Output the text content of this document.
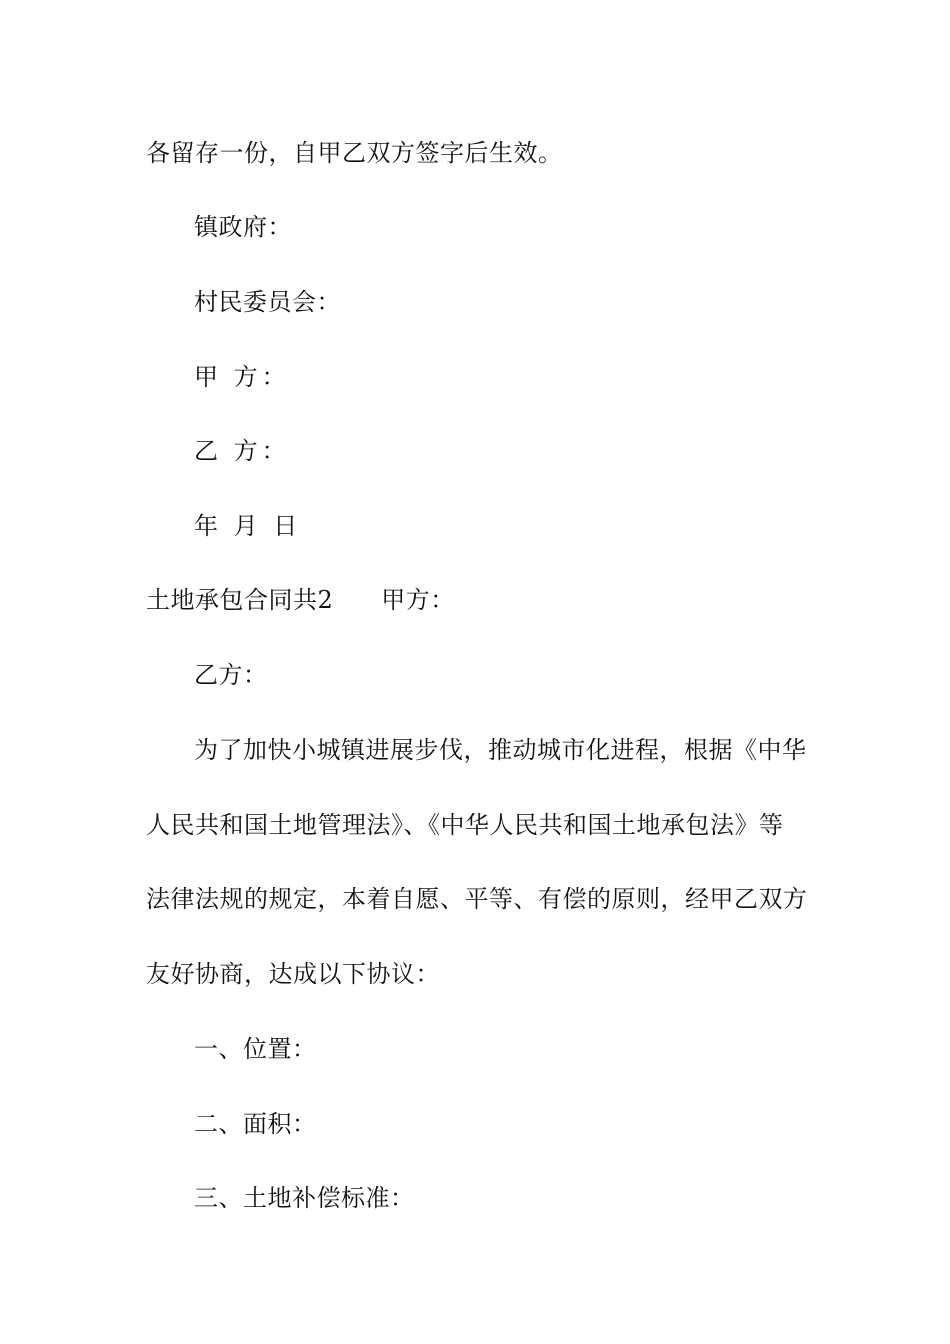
各留存一份，自甲乙双方签字后生效。
镇政府：
村民委员会：
甲 方：
乙 方：
年 月 日
土地承包合同共2 甲方：
乙方：
为了加快小城镇进展步伐，推动城市化进程，根据《中华
人民共和国土地管理法》、《中华人民共和国土地承包法》等
法律法规的规定，本着自愿、平等、有偿的原则，经甲乙双方
友好协商，达成以下协议：
一、位置：
二、面积：
三、土地补偿标准：
